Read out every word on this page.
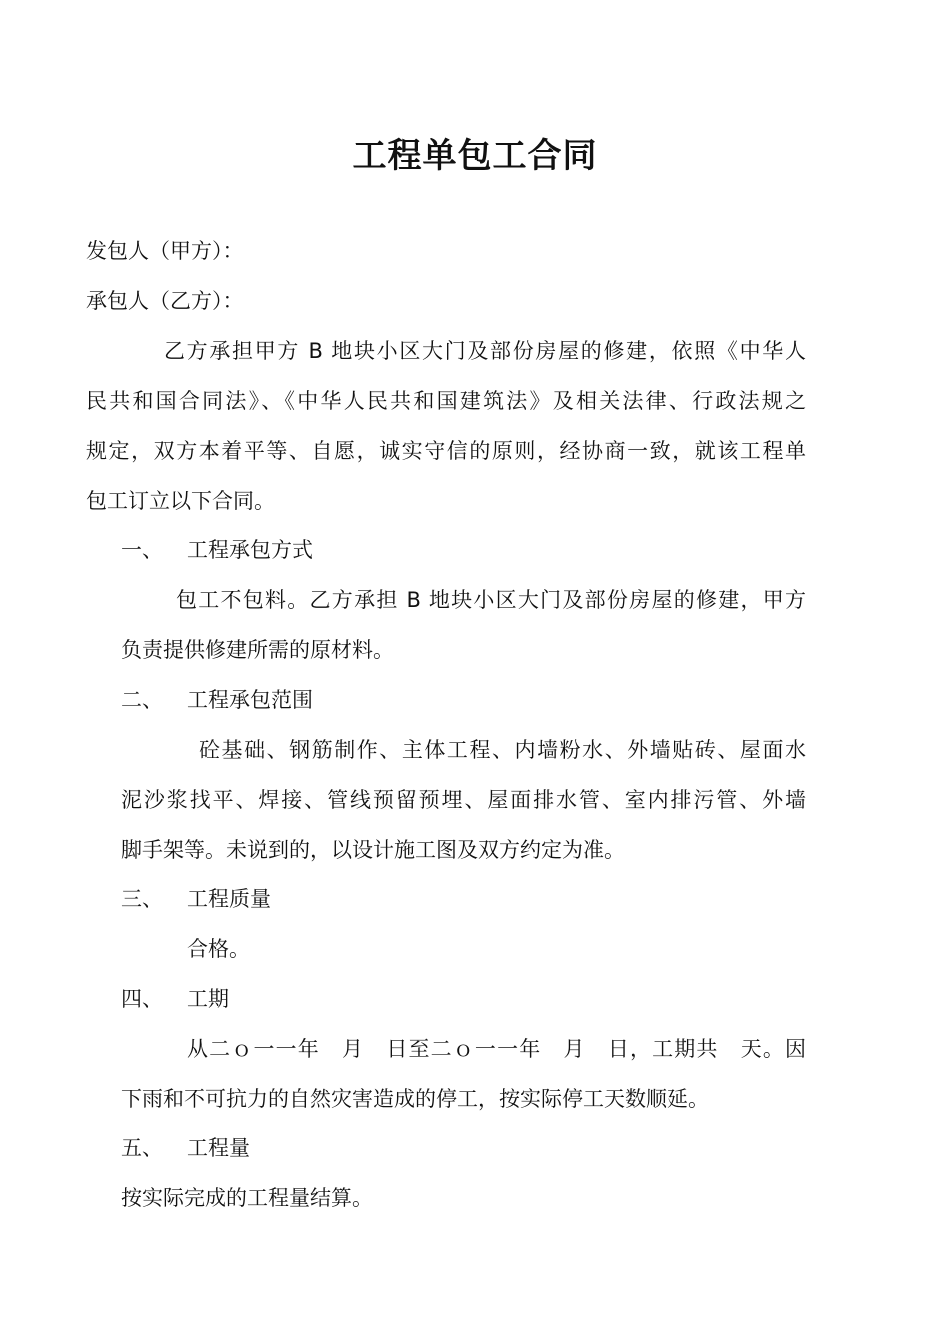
工程单包工合同
发包人（甲方）：
承包人（乙方）：
乙方承担甲方 B 地块小区大门及部份房屋的修建，依照《中华人
民共和国合同法》、《中华人民共和国建筑法》及相关法律、行政法规之
规定，双方本着平等、自愿，诚实守信的原则，经协商一致，就该工程单
包工订立以下合同。
一、 工程承包方式
包工不包料。乙方承担 B 地块小区大门及部份房屋的修建，甲方
负责提供修建所需的原材料。
二、 工程承包范围
砼基础、钢筋制作、主体工程、内墙粉水、外墙贴砖、屋面水
泥沙浆找平、焊接、管线预留预埋、屋面排水管、室内排污管、外墙
脚手架等。未说到的，以设计施工图及双方约定为准。
三、 工程质量
合格。
四、 工期
从二ｏ一一年　月　日至二ｏ一一年　月　日，工期共　天。因
下雨和不可抗力的自然灾害造成的停工，按实际停工天数顺延。
五、 工程量
按实际完成的工程量结算。
